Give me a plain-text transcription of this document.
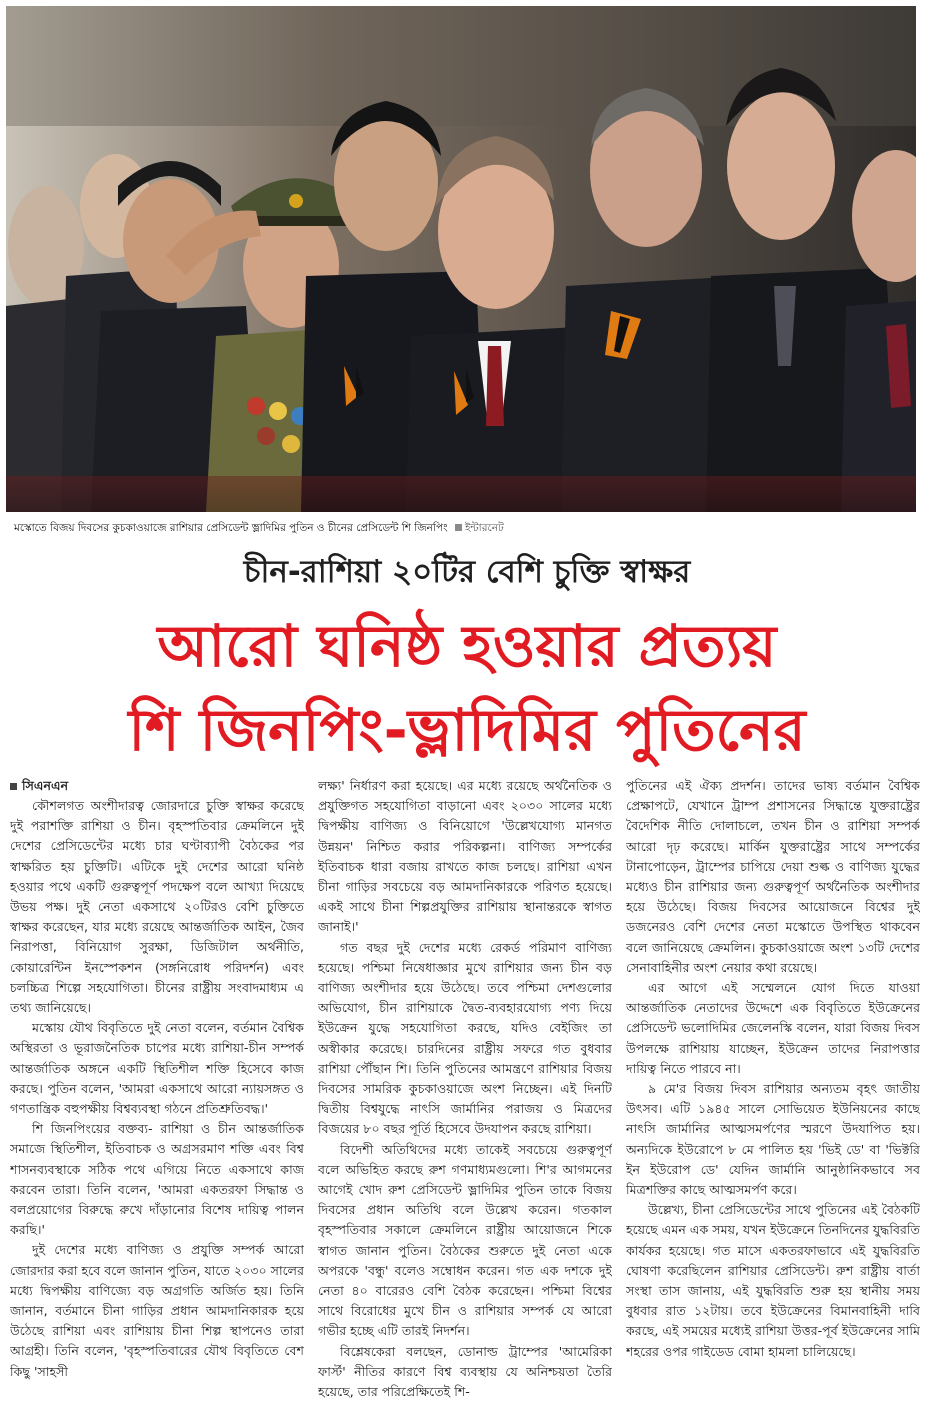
মস্কোতে বিজয় দিবসের কুচকাওয়াজে রাশিয়ার প্রেসিডেন্ট ভ্লাদিমির পুতিন ও চীনের প্রেসিডেন্ট শি জিনপিং ইন্টারনেট
চীন-রাশিয়া ২০টির বেশি চুক্তি স্বাক্ষর
আরো ঘনিষ্ঠ হওয়ার প্রত্যয়
শি জিনপিং-ভ্লাদিমির পুতিনের
সিএনএন

কৌশলগত অংশীদারত্ব জোরদারে চুক্তি স্বাক্ষর করেছে দুই পরাশক্তি রাশিয়া ও চীন। বৃহস্পতিবার ক্রেমলিনে দুই দেশের প্রেসিডেন্টের মধ্যে চার ঘণ্টাব্যাপী বৈঠকের পর স্বাক্ষরিত হয় চুক্তিটি। এটিকে দুই দেশের আরো ঘনিষ্ঠ হওয়ার পথে একটি গুরুত্বপূর্ণ পদক্ষেপ বলে আখ্যা দিয়েছে উভয় পক্ষ। দুই নেতা একসাথে ২০টিরও বেশি চুক্তিতে স্বাক্ষর করেছেন, যার মধ্যে রয়েছে আন্তর্জাতিক আইন, জৈব নিরাপত্তা, বিনিয়োগ সুরক্ষা, ডিজিটাল অর্থনীতি, কোয়ারেন্টিন ইনস্পেকশন (সঙ্গনিরোধ পরিদর্শন) এবং চলচ্চিত্র শিল্পে সহযোগিতা। চীনের রাষ্ট্রীয় সংবাদমাধ্যম এ তথ্য জানিয়েছে।

মস্কোয় যৌথ বিবৃতিতে দুই নেতা বলেন, বর্তমান বৈশ্বিক অস্থিরতা ও ভূরাজনৈতিক চাপের মধ্যে রাশিয়া-চীন সম্পর্ক আন্তর্জাতিক অঙ্গনে একটি স্থিতিশীল শক্তি হিসেবে কাজ করছে। পুতিন বলেন, 'আমরা একসাথে আরো ন্যায়সঙ্গত ও গণতান্ত্রিক বহুপক্ষীয় বিশ্বব্যবস্থা গঠনে প্রতিশ্রুতিবদ্ধ।'

শি জিনপিংয়ের বক্তব্য- রাশিয়া ও চীন আন্তর্জাতিক সমাজে স্থিতিশীল, ইতিবাচক ও অগ্রসরমাণ শক্তি এবং বিশ্ব শাসনব্যবস্থাকে সঠিক পথে এগিয়ে নিতে একসাথে কাজ করবেন তারা। তিনি বলেন, 'আমরা একতরফা সিদ্ধান্ত ও বলপ্রয়োগের বিরুদ্ধে রুখে দাঁড়ানোর বিশেষ দায়িত্ব পালন করছি।'

দুই দেশের মধ্যে বাণিজ্য ও প্রযুক্তি সম্পর্ক আরো জোরদার করা হবে বলে জানান পুতিন, যাতে ২০৩০ সালের মধ্যে দ্বিপক্ষীয় বাণিজ্যে বড় অগ্রগতি অর্জিত হয়। তিনি জানান, বর্তমানে চীনা গাড়ির প্রধান আমদানিকারক হয়ে উঠেছে রাশিয়া এবং রাশিয়ায় চীনা শিল্প স্থাপনেও তারা আগ্রহী। তিনি বলেন, 'বৃহস্পতিবারের যৌথ বিবৃতিতে বেশ কিছু 'সাহসী

লক্ষ্য' নির্ধারণ করা হয়েছে। এর মধ্যে রয়েছে অর্থনৈতিক ও প্রযুক্তিগত সহযোগিতা বাড়ানো এবং ২০৩০ সালের মধ্যে দ্বিপক্ষীয় বাণিজ্য ও বিনিয়োগে 'উল্লেখযোগ্য মানগত উন্নয়ন' নিশ্চিত করার পরিকল্পনা। বাণিজ্য সম্পর্কের ইতিবাচক ধারা বজায় রাখতে কাজ চলছে। রাশিয়া এখন চীনা গাড়ির সবচেয়ে বড় আমদানিকারকে পরিণত হয়েছে। একই সাথে চীনা শিল্পপ্রযুক্তির রাশিয়ায় স্থানান্তরকে স্বাগত জানাই।'

গত বছর দুই দেশের মধ্যে রেকর্ড পরিমাণ বাণিজ্য হয়েছে। পশ্চিমা নিষেধাজ্ঞার মুখে রাশিয়ার জন্য চীন বড় বাণিজ্য অংশীদার হয়ে উঠেছে। তবে পশ্চিমা দেশগুলোর অভিযোগ, চীন রাশিয়াকে দ্বৈত-ব্যবহারযোগ্য পণ্য দিয়ে ইউক্রেন যুদ্ধে সহযোগিতা করছে, যদিও বেইজিং তা অস্বীকার করেছে। চারদিনের রাষ্ট্রীয় সফরে গত বুধবার রাশিয়া পৌঁছান শি। তিনি পুতিনের আমন্ত্রণে রাশিয়ার বিজয় দিবসের সামরিক কুচকাওয়াজে অংশ নিচ্ছেন। এই দিনটি দ্বিতীয় বিশ্বযুদ্ধে নাৎসি জার্মানির পরাজয় ও মিত্রদের বিজয়ের ৮০ বছর পূর্তি হিসেবে উদযাপন করছে রাশিয়া।

বিদেশী অতিথিদের মধ্যে তাকেই সবচেয়ে গুরুত্বপূর্ণ বলে অভিহিত করছে রুশ গণমাধ্যমগুলো। শি'র আগমনের আগেই খোদ রুশ প্রেসিডেন্ট ভ্লাদিমির পুতিন তাকে বিজয় দিবসের প্রধান অতিথি বলে উল্লেখ করেন। গতকাল বৃহস্পতিবার সকালে ক্রেমলিনে রাষ্ট্রীয় আয়োজনে শিকে স্বাগত জানান পুতিন। বৈঠকের শুরুতে দুই নেতা একে অপরকে 'বন্ধু' বলেও সম্বোধন করেন। গত এক দশকে দুই নেতা ৪০ বারেরও বেশি বৈঠক করেছেন। পশ্চিমা বিশ্বের সাথে বিরোধের মুখে চীন ও রাশিয়ার সম্পর্ক যে আরো গভীর হচ্ছে এটি তারই নিদর্শন।

বিশ্লেষকেরা বলছেন, ডোনাল্ড ট্রাম্পের 'আমেরিকা ফার্স্ট' নীতির কারণে বিশ্ব ব্যবস্থায় যে অনিশ্চয়তা তৈরি হয়েছে, তার পরিপ্রেক্ষিতেই শি-

পুতিনের এই ঐক্য প্রদর্শন। তাদের ভাষ্য বর্তমান বৈশ্বিক প্রেক্ষাপটে, যেখানে ট্রাম্প প্রশাসনের সিদ্ধান্তে যুক্তরাষ্ট্রের বৈদেশিক নীতি দোলাচলে, তখন চীন ও রাশিয়া সম্পর্ক আরো দৃঢ় করেছে। মার্কিন যুক্তরাষ্ট্রের সাথে সম্পর্কের টানাপোড়েন, ট্রাম্পের চাপিয়ে দেয়া শুল্ক ও বাণিজ্য যুদ্ধের মধ্যেও চীন রাশিয়ার জন্য গুরুত্বপূর্ণ অর্থনৈতিক অংশীদার হয়ে উঠেছে। বিজয় দিবসের আয়োজনে বিশ্বের দুই ডজনেরও বেশি দেশের নেতা মস্কোতে উপস্থিত থাকবেন বলে জানিয়েছে ক্রেমলিন। কুচকাওয়াজে অংশ ১৩টি দেশের সেনাবাহিনীর অংশ নেয়ার কথা রয়েছে।

এর আগে এই সম্মেলনে যোগ দিতে যাওয়া আন্তর্জাতিক নেতাদের উদ্দেশে এক বিবৃতিতে ইউক্রেনের প্রেসিডেন্ট ভলোদিমির জেলেনস্কি বলেন, যারা বিজয় দিবস উপলক্ষে রাশিয়ায় যাচ্ছেন, ইউক্রেন তাদের নিরাপত্তার দায়িত্ব নিতে পারবে না।

৯ মে'র বিজয় দিবস রাশিয়ার অন্যতম বৃহৎ জাতীয় উৎসব। এটি ১৯৪৫ সালে সোভিয়েত ইউনিয়নের কাছে নাৎসি জার্মানির আত্মসমর্পণের স্মরণে উদযাপিত হয়। অন্যদিকে ইউরোপে ৮ মে পালিত হয় 'ভিই ডে' বা 'ভিক্টরি ইন ইউরোপ ডে' যেদিন জার্মানি আনুষ্ঠানিকভাবে সব মিত্রশক্তির কাছে আত্মসমর্পণ করে।

উল্লেখ্য, চীনা প্রেসিডেন্টের সাথে পুতিনের এই বৈঠকটি হয়েছে এমন এক সময়, যখন ইউক্রেনে তিনদিনের যুদ্ধবিরতি কার্যকর হয়েছে। গত মাসে একতরফাভাবে এই যুদ্ধবিরতি ঘোষণা করেছিলেন রাশিয়ার প্রেসিডেন্ট। রুশ রাষ্ট্রীয় বার্তা সংস্থা তাস জানায়, এই যুদ্ধবিরতি শুরু হয় স্থানীয় সময় বুধবার রাত ১২টায়। তবে ইউক্রেনের বিমানবাহিনী দাবি করছে, এই সময়ের মধ্যেই রাশিয়া উত্তর-পূর্ব ইউক্রেনের সামি শহরের ওপর গাইডেড বোমা হামলা চালিয়েছে।
